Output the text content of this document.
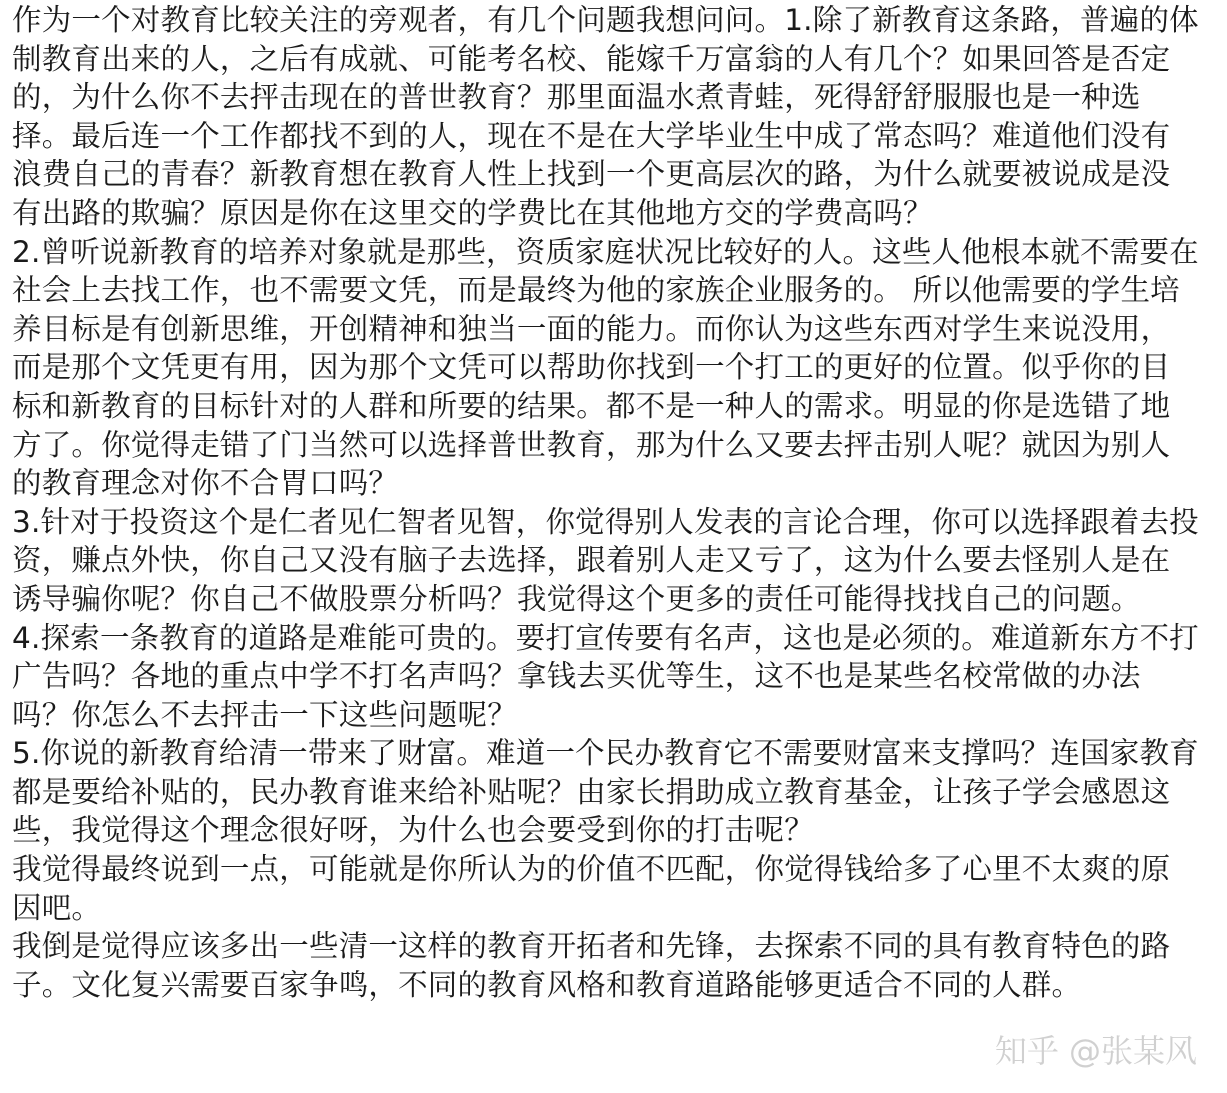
作为一个对教育比较关注的旁观者，有几个问题我想问问。1.除了新教育这条路，普遍的体
制教育出来的人，之后有成就、可能考名校、能嫁千万富翁的人有几个？如果回答是否定
的，为什么你不去抨击现在的普世教育？那里面温水煮青蛙，死得舒舒服服也是一种选
择。最后连一个工作都找不到的人，现在不是在大学毕业生中成了常态吗？难道他们没有
浪费自己的青春？新教育想在教育人性上找到一个更高层次的路，为什么就要被说成是没
有出路的欺骗？原因是你在这里交的学费比在其他地方交的学费高吗？
2.曾听说新教育的培养对象就是那些，资质家庭状况比较好的人。这些人他根本就不需要在
社会上去找工作，也不需要文凭，而是最终为他的家族企业服务的。 所以他需要的学生培
养目标是有创新思维，开创精神和独当一面的能力。而你认为这些东西对学生来说没用，
而是那个文凭更有用，因为那个文凭可以帮助你找到一个打工的更好的位置。似乎你的目
标和新教育的目标针对的人群和所要的结果。都不是一种人的需求。明显的你是选错了地
方了。你觉得走错了门当然可以选择普世教育，那为什么又要去抨击别人呢？就因为别人
的教育理念对你不合胃口吗？
3.针对于投资这个是仁者见仁智者见智，你觉得别人发表的言论合理，你可以选择跟着去投
资，赚点外快，你自己又没有脑子去选择，跟着别人走又亏了，这为什么要去怪别人是在
诱导骗你呢？你自己不做股票分析吗？我觉得这个更多的责任可能得找找自己的问题。
4.探索一条教育的道路是难能可贵的。要打宣传要有名声，这也是必须的。难道新东方不打
广告吗？各地的重点中学不打名声吗？拿钱去买优等生，这不也是某些名校常做的办法
吗？你怎么不去抨击一下这些问题呢？
5.你说的新教育给清一带来了财富。难道一个民办教育它不需要财富来支撑吗？连国家教育
都是要给补贴的，民办教育谁来给补贴呢？由家长捐助成立教育基金，让孩子学会感恩这
些，我觉得这个理念很好呀，为什么也会要受到你的打击呢？
我觉得最终说到一点，可能就是你所认为的价值不匹配，你觉得钱给多了心里不太爽的原
因吧。
我倒是觉得应该多出一些清一这样的教育开拓者和先锋，去探索不同的具有教育特色的路
子。文化复兴需要百家争鸣，不同的教育风格和教育道路能够更适合不同的人群。
知乎 @张某风
